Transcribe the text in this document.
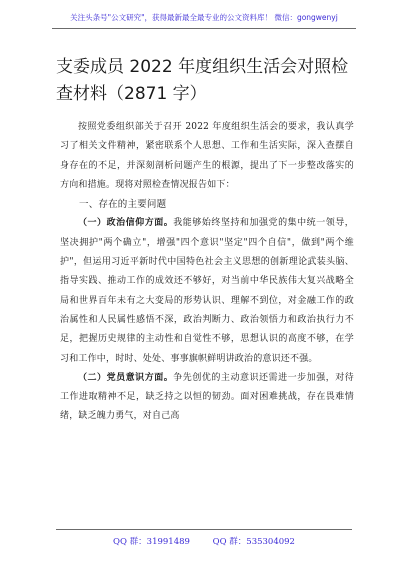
关注头条号"公文研究"，获得最新最全最专业的公文资料库！ 微信：gongwenyj
支委成员 2022 年度组织生活会对照检查材料（2871 字）

按照党委组织部关于召开 2022 年度组织生活会的要求，我认真学习了相关文件精神，紧密联系个人思想、工作和生活实际，深入查摆自身存在的不足，并深刻剖析问题产生的根源，提出了下一步整改落实的方向和措施。现将对照检查情况报告如下：

一、存在的主要问题

（一）政治信仰方面。我能够始终坚持和加强党的集中统一领导，坚决拥护"两个确立"，增强"四个意识"坚定"四个自信"，做到"两个维护"，但运用习近平新时代中国特色社会主义思想的创新理论武装头脑、指导实践、推动工作的成效还不够好，对当前中华民族伟大复兴战略全局和世界百年未有之大变局的形势认识、理解不到位，对金融工作的政治属性和人民属性感悟不深，政治判断力、政治领悟力和政治执行力不足，把握历史规律的主动性和自觉性不够，思想认识的高度不够，在学习和工作中，时时、处处、事事旗帜鲜明讲政治的意识还不强。

（二）党员意识方面。争先创优的主动意识还需进一步加强，对待工作进取精神不足，缺乏持之以恒的韧劲。面对困难挑战，存在畏难情绪，缺乏魄力勇气，对自己高

QQ 群：31991489	QQ 群：535304092
